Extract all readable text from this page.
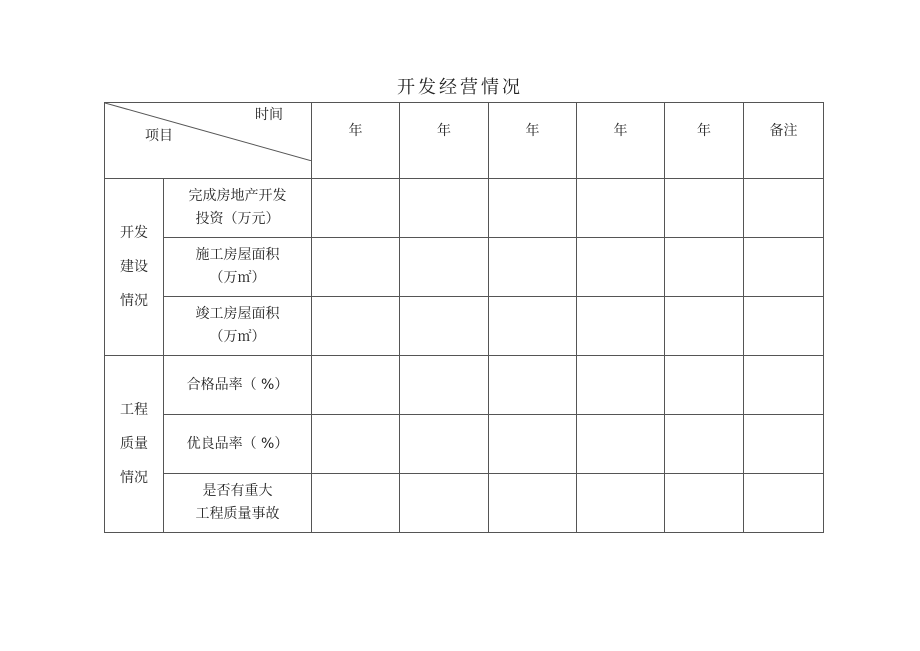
开发经营情况
时间
项目		年	年	年	年	年	备注

开发
建设
情况	完成房地产开发
投资（万元）						

	施工房屋面积
（万㎡）						

	竣工房屋面积
（万㎡）						

工程
质量
情况	合格品率（ %）						

	优良品率（ %）						

	是否有重大
工程质量事故						
